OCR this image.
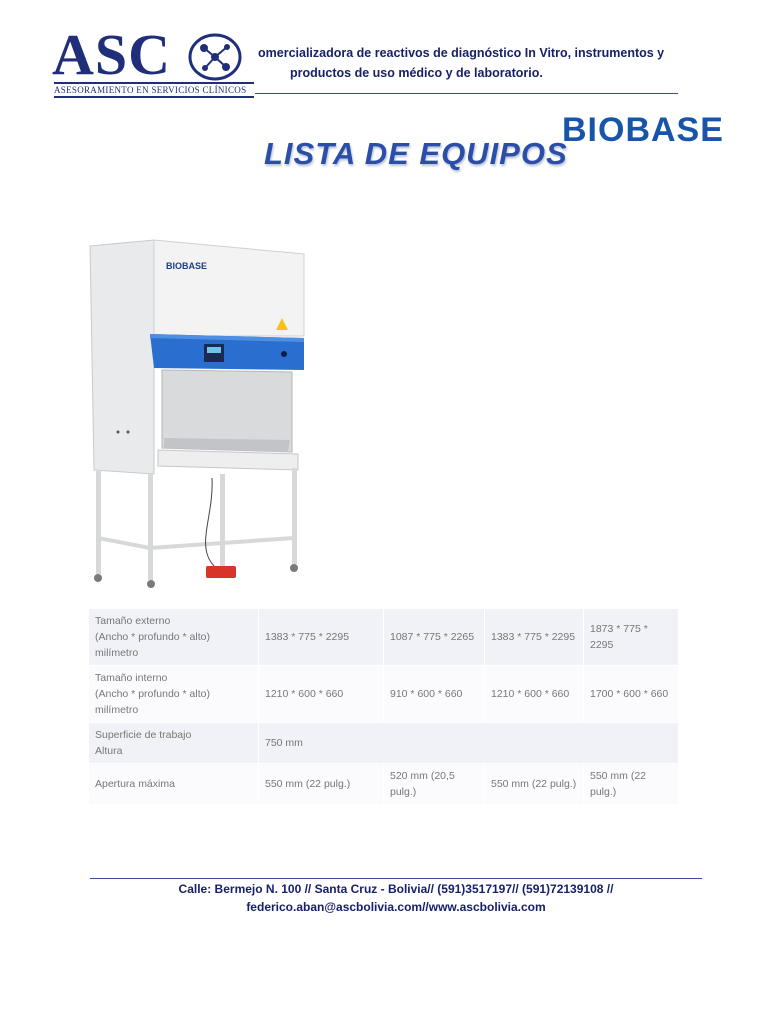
ASC
ASESORAMIENTO EN SERVICIOS CLÍNICOS
omercializadora de reactivos de diagnóstico In Vitro, instrumentos y
productos de uso médico y de laboratorio.
LISTA DE EQUIPOS
BIOBASE
BIOBASE
Tamaño externo
(Ancho * profundo * alto)
milímetro	1383 * 775 * 2295	1087 * 775 * 2265	1383 * 775 * 2295	1873 * 775 * 2295

Tamaño interno
(Ancho * profundo * alto)
milímetro	1210 * 600 * 660	910 * 600 * 660	1210 * 600 * 660	1700 * 600 * 660

Superficie de trabajo
Altura	750 mm			

Apertura máxima	550 mm (22 pulg.)	520 mm (20,5 pulg.)	550 mm (22 pulg.)	550 mm (22 pulg.)
Calle: Bermejo N. 100 // Santa Cruz - Bolivia// (591)3517197// (591)72139108 //
federico.aban@ascbolivia.com//www.ascbolivia.com
